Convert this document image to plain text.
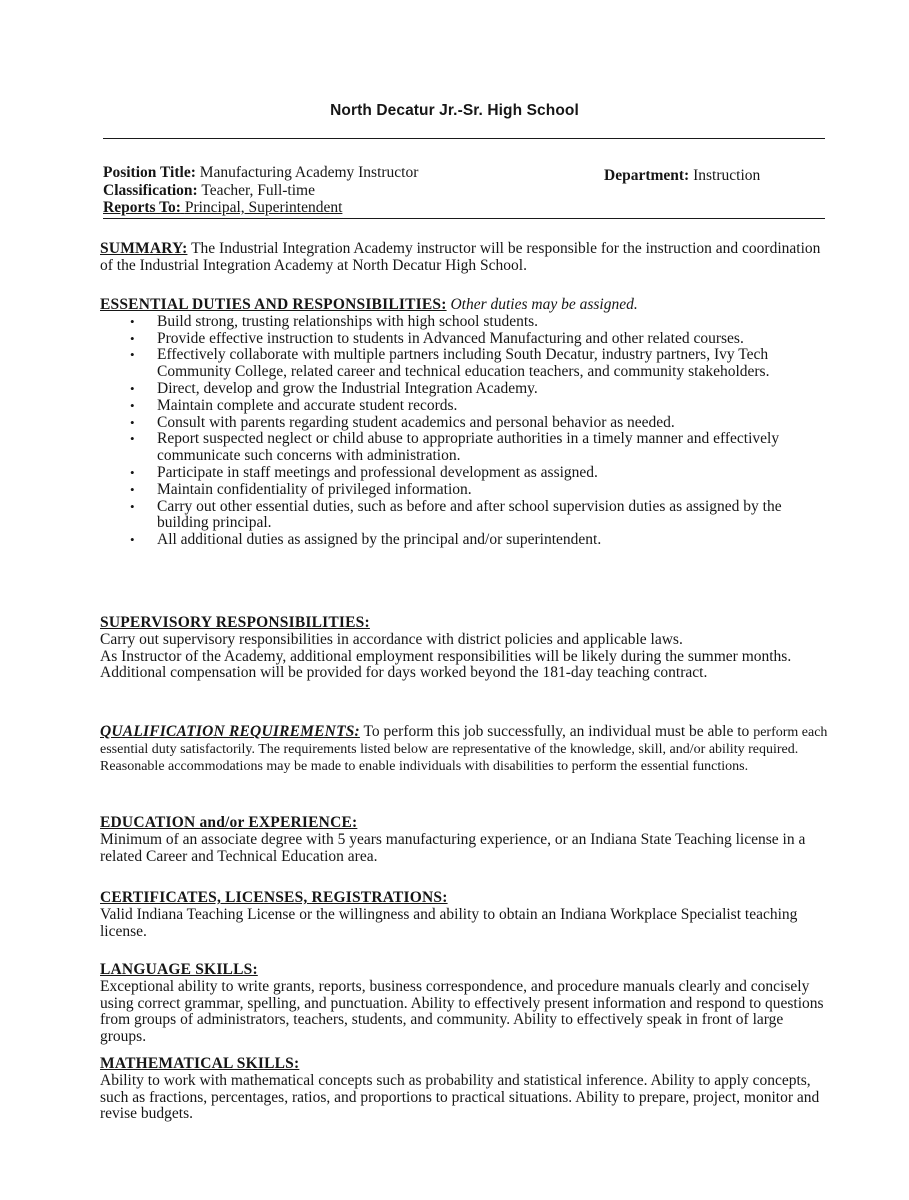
North Decatur Jr.-Sr. High School
Position Title: Manufacturing Academy Instructor
Classification: Teacher, Full-time
Reports To: Principal, Superintendent
Department: Instruction
SUMMARY: The Industrial Integration Academy instructor will be responsible for the instruction and coordination of the Industrial Integration Academy at North Decatur High School.
ESSENTIAL DUTIES AND RESPONSIBILITIES: Other duties may be assigned.
• Build strong, trusting relationships with high school students.
• Provide effective instruction to students in Advanced Manufacturing and other related courses.
• Effectively collaborate with multiple partners including South Decatur, industry partners, Ivy Tech Community College, related career and technical education teachers, and community stakeholders.
• Direct, develop and grow the Industrial Integration Academy.
• Maintain complete and accurate student records.
• Consult with parents regarding student academics and personal behavior as needed.
• Report suspected neglect or child abuse to appropriate authorities in a timely manner and effectively communicate such concerns with administration.
• Participate in staff meetings and professional development as assigned.
• Maintain confidentiality of privileged information.
• Carry out other essential duties, such as before and after school supervision duties as assigned by the building principal.
• All additional duties as assigned by the principal and/or superintendent.
SUPERVISORY RESPONSIBILITIES:
Carry out supervisory responsibilities in accordance with district policies and applicable laws.
As Instructor of the Academy, additional employment responsibilities will be likely during the summer months. Additional compensation will be provided for days worked beyond the 181-day teaching contract.
QUALIFICATION REQUIREMENTS: To perform this job successfully, an individual must be able to perform each essential duty satisfactorily. The requirements listed below are representative of the knowledge, skill, and/or ability required. Reasonable accommodations may be made to enable individuals with disabilities to perform the essential functions.
EDUCATION and/or EXPERIENCE:
Minimum of an associate degree with 5 years manufacturing experience, or an Indiana State Teaching license in a related Career and Technical Education area.
CERTIFICATES, LICENSES, REGISTRATIONS:
Valid Indiana Teaching License or the willingness and ability to obtain an Indiana Workplace Specialist teaching license.
LANGUAGE SKILLS:
Exceptional ability to write grants, reports, business correspondence, and procedure manuals clearly and concisely using correct grammar, spelling, and punctuation. Ability to effectively present information and respond to questions from groups of administrators, teachers, students, and community. Ability to effectively speak in front of large groups.
MATHEMATICAL SKILLS:
Ability to work with mathematical concepts such as probability and statistical inference. Ability to apply concepts, such as fractions, percentages, ratios, and proportions to practical situations. Ability to prepare, project, monitor and revise budgets.
